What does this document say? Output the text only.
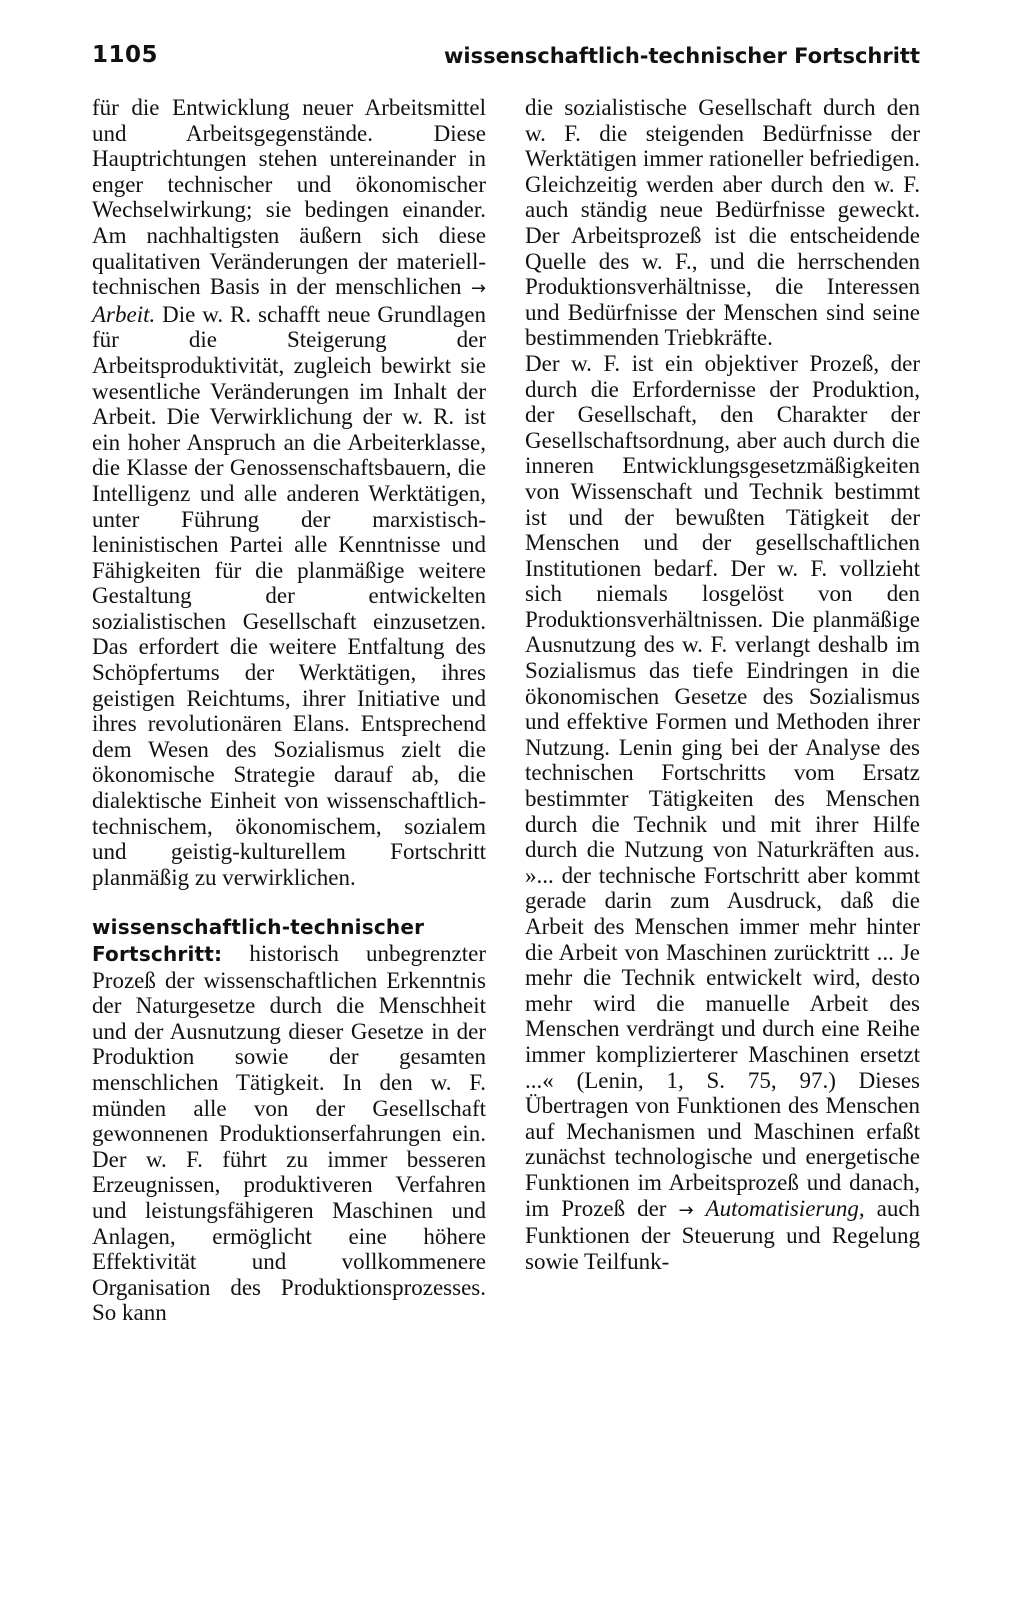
1105	wissenschaftlich-technischer Fortschritt

für die Entwicklung neuer Arbeitsmittel und Arbeitsgegenstände. Diese Hauptrichtungen stehen untereinander in enger technischer und ökonomischer Wechselwirkung; sie bedingen einander. Am nachhaltigsten äußern sich diese qualitativen Veränderungen der materiell-technischen Basis in der menschlichen → Arbeit. Die w. R. schafft neue Grundlagen für die Steigerung der Arbeitsproduktivität, zugleich bewirkt sie wesentliche Veränderungen im Inhalt der Arbeit. Die Verwirklichung der w. R. ist ein hoher Anspruch an die Arbeiterklasse, die Klasse der Genossenschaftsbauern, die Intelligenz und alle anderen Werktätigen, unter Führung der marxistisch-leninistischen Partei alle Kenntnisse und Fähigkeiten für die planmäßige weitere Gestaltung der entwickelten sozialistischen Gesellschaft einzusetzen. Das erfordert die weitere Entfaltung des Schöpfertums der Werktätigen, ihres geistigen Reichtums, ihrer Initiative und ihres revolutionären Elans. Entsprechend dem Wesen des Sozialismus zielt die ökonomische Strategie darauf ab, die dialektische Einheit von wissenschaftlich-technischem, ökonomischem, sozialem und geistig-kulturellem Fortschritt planmäßig zu verwirklichen.

wissenschaftlich-technischer Fortschritt: historisch unbegrenzter Prozeß der wissenschaftlichen Erkenntnis der Naturgesetze durch die Menschheit und der Ausnutzung dieser Gesetze in der Produktion sowie der gesamten menschlichen Tätigkeit. In den w. F. münden alle von der Gesellschaft gewonnenen Produktionserfahrungen ein. Der w. F. führt zu immer besseren Erzeugnissen, produktiveren Verfahren und leistungsfähigeren Maschinen und Anlagen, ermöglicht eine höhere Effektivität und vollkommenere Organisation des Produktionsprozesses. So kann

die sozialistische Gesellschaft durch den w. F. die steigenden Bedürfnisse der Werktätigen immer rationeller befriedigen. Gleichzeitig werden aber durch den w. F. auch ständig neue Bedürfnisse geweckt. Der Arbeitsprozeß ist die entscheidende Quelle des w. F., und die herrschenden Produktionsverhältnisse, die Interessen und Bedürfnisse der Menschen sind seine bestimmenden Triebkräfte.

Der w. F. ist ein objektiver Prozeß, der durch die Erfordernisse der Produktion, der Gesellschaft, den Charakter der Gesellschaftsordnung, aber auch durch die inneren Entwicklungsgesetzmäßigkeiten von Wissenschaft und Technik bestimmt ist und der bewußten Tätigkeit der Menschen und der gesellschaftlichen Institutionen bedarf. Der w. F. vollzieht sich niemals losgelöst von den Produktionsverhältnissen. Die planmäßige Ausnutzung des w. F. verlangt deshalb im Sozialismus das tiefe Eindringen in die ökonomischen Gesetze des Sozialismus und effektive Formen und Methoden ihrer Nutzung. Lenin ging bei der Analyse des technischen Fortschritts vom Ersatz bestimmter Tätigkeiten des Menschen durch die Technik und mit ihrer Hilfe durch die Nutzung von Naturkräften aus. »... der technische Fortschritt aber kommt gerade darin zum Ausdruck, daß die Arbeit des Menschen immer mehr hinter die Arbeit von Maschinen zurücktritt ... Je mehr die Technik entwickelt wird, desto mehr wird die manuelle Arbeit des Menschen verdrängt und durch eine Reihe immer komplizierterer Maschinen ersetzt ...« (Lenin, 1, S. 75, 97.) Dieses Übertragen von Funktionen des Menschen auf Mechanismen und Maschinen erfaßt zunächst technologische und energetische Funktionen im Arbeitsprozeß und danach, im Prozeß der → Automatisierung, auch Funktionen der Steuerung und Regelung sowie Teilfunk-
